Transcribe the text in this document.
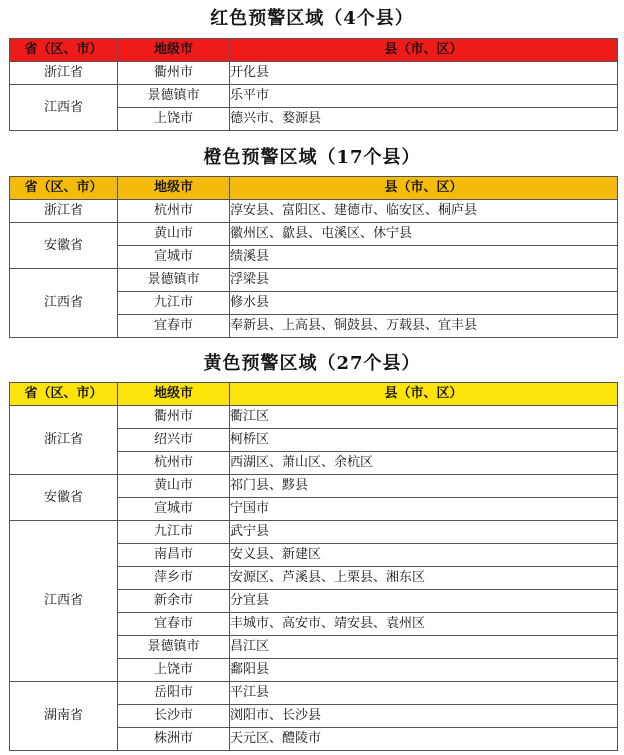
红色预警区域（4个县）
省（区、市）	地级市	县（市、区）
浙江省	衢州市	开化县
江西省	景德镇市	乐平市
	上饶市	德兴市、婺源县
橙色预警区域（17个县）
省（区、市）	地级市	县（市、区）
浙江省	杭州市	淳安县、富阳区、建德市、临安区、桐庐县
安徽省	黄山市	徽州区、歙县、屯溪区、休宁县
	宣城市	绩溪县
江西省	景德镇市	浮梁县
	九江市	修水县
	宜春市	奉新县、上高县、铜鼓县、万载县、宜丰县
黄色预警区域（27个县）
省（区、市）	地级市	县（市、区）
浙江省	衢州市	衢江区
	绍兴市	柯桥区
	杭州市	西湖区、萧山区、余杭区
安徽省	黄山市	祁门县、黟县
	宣城市	宁国市
江西省	九江市	武宁县
	南昌市	安义县、新建区
	萍乡市	安源区、芦溪县、上栗县、湘东区
	新余市	分宜县
	宜春市	丰城市、高安市、靖安县、袁州区
	景德镇市	昌江区
	上饶市	鄱阳县
湖南省	岳阳市	平江县
	长沙市	浏阳市、长沙县
	株洲市	天元区、醴陵市
